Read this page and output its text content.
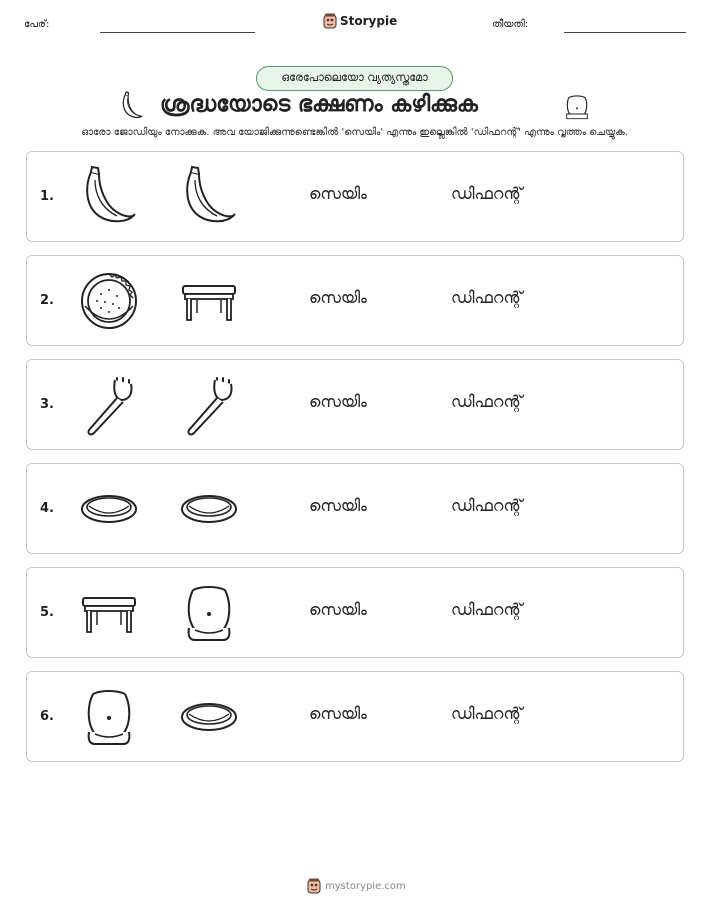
പേര്:	Storypie	തീയതി:
ഒരേപോലെയോ വ്യത്യസ്തമോ
ശ്രദ്ധയോടെ ഭക്ഷണം കഴിക്കുക
ഓരോ ജോഡിയും നോക്കുക. അവ യോജിക്കുന്നുണ്ടെങ്കിൽ 'സെയിം' എന്നും ഇല്ലെങ്കിൽ 'ഡിഫറന്റ്' എന്നും വൃത്തം ചെയ്യുക.
1.	സെയിം	ഡിഫറന്റ്
2.	സെയിം	ഡിഫറന്റ്
3.	സെയിം	ഡിഫറന്റ്
4.	സെയിം	ഡിഫറന്റ്
5.	സെയിം	ഡിഫറന്റ്
6.	സെയിം	ഡിഫറന്റ്
mystorypie.com
